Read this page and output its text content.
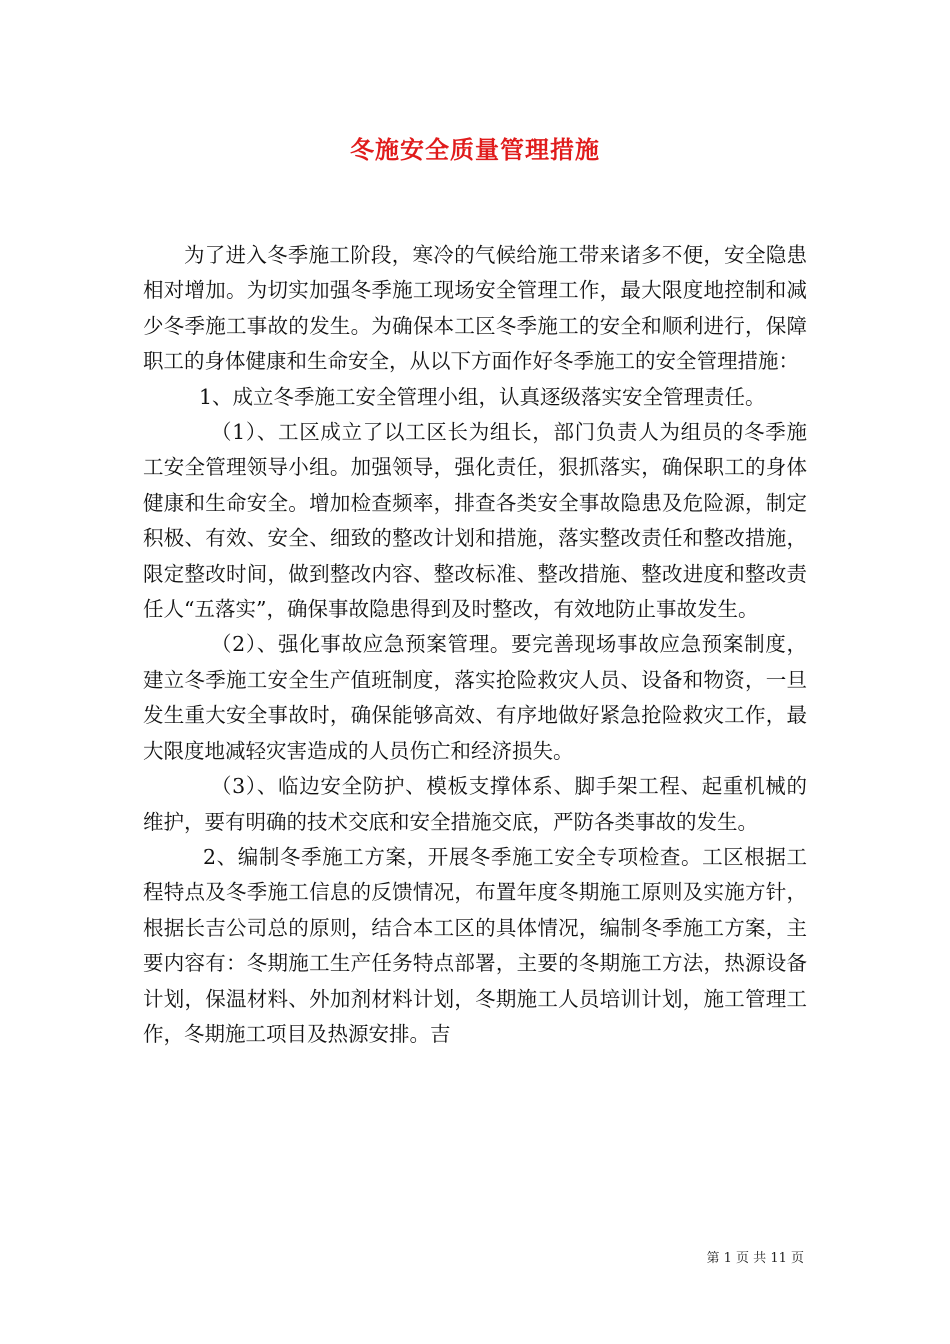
冬施安全质量管理措施

为了进入冬季施工阶段，寒冷的气候给施工带来诸多不便，安全隐患相对增加。为切实加强冬季施工现场安全管理工作，最大限度地控制和减少冬季施工事故的发生。为确保本工区冬季施工的安全和顺利进行，保障职工的身体健康和生命安全，从以下方面作好冬季施工的安全管理措施：

1、成立冬季施工安全管理小组，认真逐级落实安全管理责任。

（1）、工区成立了以工区长为组长，部门负责人为组员的冬季施工安全管理领导小组。加强领导，强化责任，狠抓落实，确保职工的身体健康和生命安全。增加检查频率，排查各类安全事故隐患及危险源，制定积极、有效、安全、细致的整改计划和措施，落实整改责任和整改措施，限定整改时间，做到整改内容、整改标准、整改措施、整改进度和整改责任人“五落实”，确保事故隐患得到及时整改，有效地防止事故发生。

（2）、强化事故应急预案管理。要完善现场事故应急预案制度，建立冬季施工安全生产值班制度，落实抢险救灾人员、设备和物资，一旦发生重大安全事故时，确保能够高效、有序地做好紧急抢险救灾工作，最大限度地减轻灾害造成的人员伤亡和经济损失。

（3）、临边安全防护、模板支撑体系、脚手架工程、起重机械的维护，要有明确的技术交底和安全措施交底，严防各类事故的发生。

2、编制冬季施工方案，开展冬季施工安全专项检查。工区根据工程特点及冬季施工信息的反馈情况，布置年度冬期施工原则及实施方针，根据长吉公司总的原则，结合本工区的具体情况，编制冬季施工方案，主要内容有：冬期施工生产任务特点部署，主要的冬期施工方法，热源设备计划，保温材料、外加剂材料计划，冬期施工人员培训计划，施工管理工作，冬期施工项目及热源安排。吉

第 1 页 共 11 页
